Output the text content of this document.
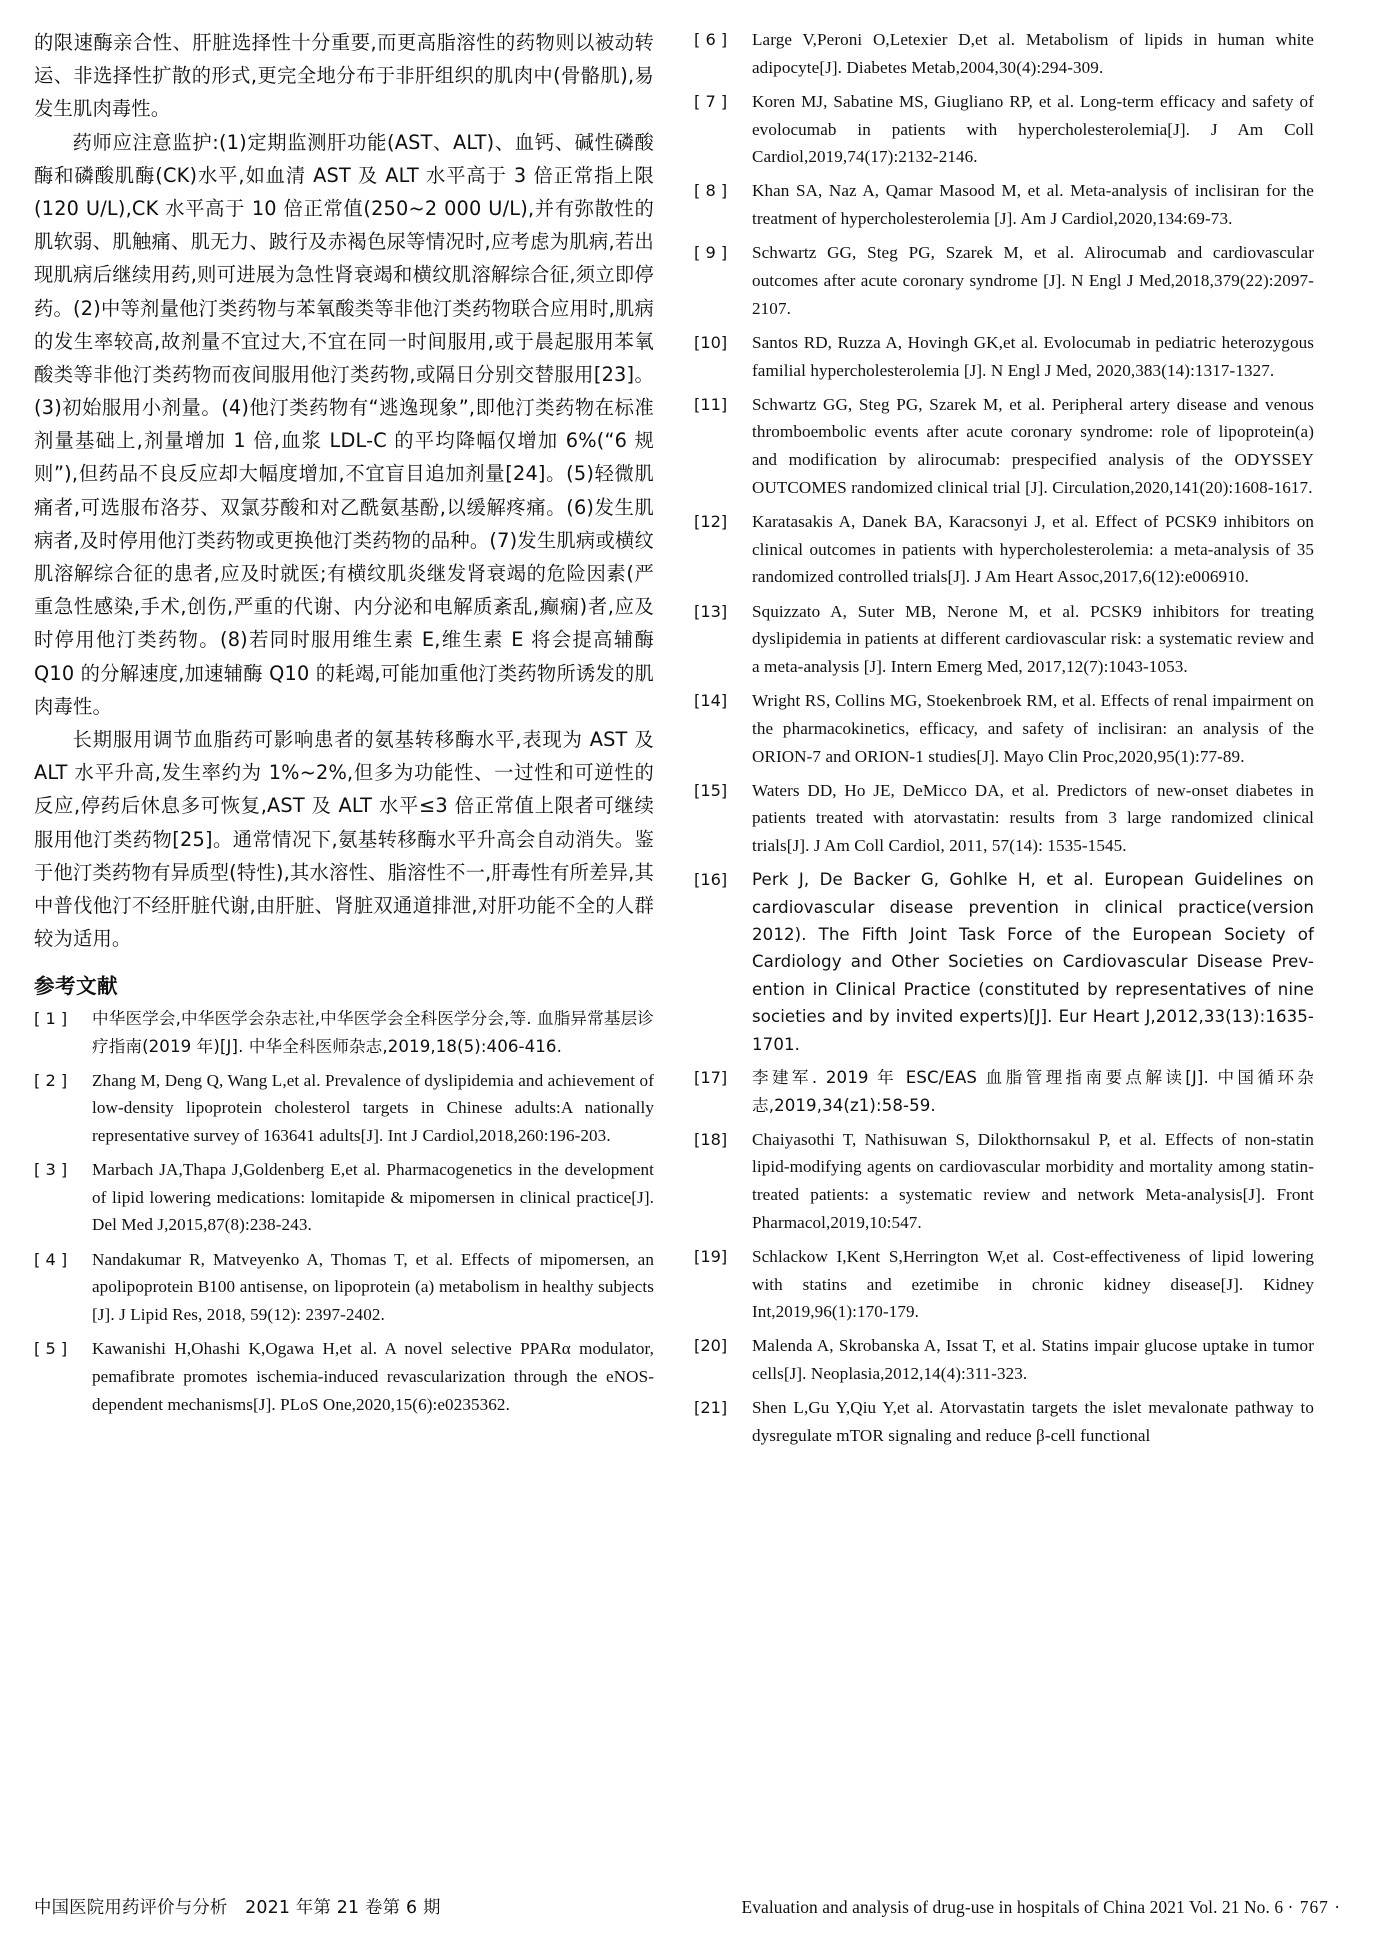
的限速酶亲合性、肝脏选择性十分重要,而更高脂溶性的药物则以被动转运、非选择性扩散的形式,更完全地分布于非肝组织的肌肉中(骨骼肌),易发生肌肉毒性。

药师应注意监护:(1)定期监测肝功能(AST、ALT)、血钙、碱性磷酸酶和磷酸肌酶(CK)水平,如血清 AST 及 ALT 水平高于 3 倍正常指上限(120 U/L),CK 水平高于 10 倍正常值(250~2 000 U/L),并有弥散性的肌软弱、肌触痛、肌无力、跛行及赤褐色尿等情况时,应考虑为肌病,若出现肌病后继续用药,则可进展为急性肾衰竭和横纹肌溶解综合征,须立即停药。(2)中等剂量他汀类药物与苯氧酸类等非他汀类药物联合应用时,肌病的发生率较高,故剂量不宜过大,不宜在同一时间服用,或于晨起服用苯氧酸类等非他汀类药物而夜间服用他汀类药物,或隔日分别交替服用[23]。(3)初始服用小剂量。(4)他汀类药物有“逃逸现象”,即他汀类药物在标准剂量基础上,剂量增加 1 倍,血浆 LDL-C 的平均降幅仅增加 6%(“6 规则”),但药品不良反应却大幅度增加,不宜盲目追加剂量[24]。(5)轻微肌痛者,可选服布洛芬、双氯芬酸和对乙酰氨基酚,以缓解疼痛。(6)发生肌病者,及时停用他汀类药物或更换他汀类药物的品种。(7)发生肌病或横纹肌溶解综合征的患者,应及时就医;有横纹肌炎继发肾衰竭的危险因素(严重急性感染,手术,创伤,严重的代谢、内分泌和电解质紊乱,癫痫)者,应及时停用他汀类药物。(8)若同时服用维生素 E,维生素 E 将会提高辅酶 Q10 的分解速度,加速辅酶 Q10 的耗竭,可能加重他汀类药物所诱发的肌肉毒性。

长期服用调节血脂药可影响患者的氨基转移酶水平,表现为 AST 及 ALT 水平升高,发生率约为 1%~2%,但多为功能性、一过性和可逆性的反应,停药后休息多可恢复,AST 及 ALT 水平≤3 倍正常值上限者可继续服用他汀类药物[25]。通常情况下,氨基转移酶水平升高会自动消失。鉴于他汀类药物有异质型(特性),其水溶性、脂溶性不一,肝毒性有所差异,其中普伐他汀不经肝脏代谢,由肝脏、肾脏双通道排泄,对肝功能不全的人群较为适用。

参考文献
[ 1 ]	中华医学会,中华医学会杂志社,中华医学会全科医学分会,等. 血脂异常基层诊疗指南(2019 年)[J]. 中华全科医师杂志,2019,18(5):406-416.
[ 2 ]	Zhang M, Deng Q, Wang L,et al. Prevalence of dyslipidemia and achievement of low-density lipoprotein cholesterol targets in Chinese adults:A nationally representative survey of 163641 adults[J]. Int J Cardiol,2018,260:196-203.
[ 3 ]	Marbach JA,Thapa J,Goldenberg E,et al. Pharmacogenetics in the development of lipid lowering medications: lomitapide & mipomersen in clinical practice[J]. Del Med J,2015,87(8):238-243.
[ 4 ]	Nandakumar R, Matveyenko A, Thomas T, et al. Effects of mipomersen, an apolipoprotein B100 antisense, on lipoprotein (a) metabolism in healthy subjects [J]. J Lipid Res, 2018, 59(12): 2397-2402.
[ 5 ]	Kawanishi H,Ohashi K,Ogawa H,et al. A novel selective PPARα modulator, pemafibrate promotes ischemia-induced revascularization through the eNOS-dependent mechanisms[J]. PLoS One,2020,15(6):e0235362.
[ 6 ]	Large V,Peroni O,Letexier D,et al. Metabolism of lipids in human white adipocyte[J]. Diabetes Metab,2004,30(4):294-309.
[ 7 ]	Koren MJ, Sabatine MS, Giugliano RP, et al. Long-term efficacy and safety of evolocumab in patients with hypercholesterolemia[J]. J Am Coll Cardiol,2019,74(17):2132-2146.
[ 8 ]	Khan SA, Naz A, Qamar Masood M, et al. Meta-analysis of inclisiran for the treatment of hypercholesterolemia [J]. Am J Cardiol,2020,134:69-73.
[ 9 ]	Schwartz GG, Steg PG, Szarek M, et al. Alirocumab and cardiovascular outcomes after acute coronary syndrome [J]. N Engl J Med,2018,379(22):2097-2107.
[10]	Santos RD, Ruzza A, Hovingh GK,et al. Evolocumab in pediatric heterozygous familial hypercholesterolemia [J]. N Engl J Med, 2020,383(14):1317-1327.
[11]	Schwartz GG, Steg PG, Szarek M, et al. Peripheral artery disease and venous thromboembolic events after acute coronary syndrome: role of lipoprotein(a) and modification by alirocumab: prespecified analysis of the ODYSSEY OUTCOMES randomized clinical trial [J]. Circulation,2020,141(20):1608-1617.
[12]	Karatasakis A, Danek BA, Karacsonyi J, et al. Effect of PCSK9 inhibitors on clinical outcomes in patients with hypercholesterolemia: a meta-analysis of 35 randomized controlled trials[J]. J Am Heart Assoc,2017,6(12):e006910.
[13]	Squizzato A, Suter MB, Nerone M, et al. PCSK9 inhibitors for treating dyslipidemia in patients at different cardiovascular risk: a systematic review and a meta-analysis [J]. Intern Emerg Med, 2017,12(7):1043-1053.
[14]	Wright RS, Collins MG, Stoekenbroek RM, et al. Effects of renal impairment on the pharmacokinetics, efficacy, and safety of inclisiran: an analysis of the ORION-7 and ORION-1 studies[J]. Mayo Clin Proc,2020,95(1):77-89.
[15]	Waters DD, Ho JE, DeMicco DA, et al. Predictors of new-onset diabetes in patients treated with atorvastatin: results from 3 large randomized clinical trials[J]. J Am Coll Cardiol, 2011, 57(14): 1535-1545.
[16]	Perk J, De Backer G, Gohlke H, et al. European Guidelines on cardiovascular disease prevention in clinical practice(version 2012). The Fifth Joint Task Force of the European Society of Cardiology and Other Societies on Cardiovascular Disease Prev-ention in Clinical Practice (constituted by representatives of nine societies and by invited experts)[J]. Eur Heart J,2012,33(13):1635-1701.
[17]	李建军. 2019 年 ESC/EAS 血脂管理指南要点解读[J]. 中国循环杂志,2019,34(z1):58-59.
[18]	Chaiyasothi T, Nathisuwan S, Dilokthornsakul P, et al. Effects of non-statin lipid-modifying agents on cardiovascular morbidity and mortality among statin-treated patients: a systematic review and network Meta-analysis[J]. Front Pharmacol,2019,10:547.
[19]	Schlackow I,Kent S,Herrington W,et al. Cost-effectiveness of lipid lowering with statins and ezetimibe in chronic kidney disease[J]. Kidney Int,2019,96(1):170-179.
[20]	Malenda A, Skrobanska A, Issat T, et al. Statins impair glucose uptake in tumor cells[J]. Neoplasia,2012,14(4):311-323.
[21]	Shen L,Gu Y,Qiu Y,et al. Atorvastatin targets the islet mevalonate pathway to dysregulate mTOR signaling and reduce β-cell functional
中国医院用药评价与分析　2021 年第 21 卷第 6 期	Evaluation and analysis of drug-use in hospitals of China 2021 Vol. 21 No. 6 · 767 ·
